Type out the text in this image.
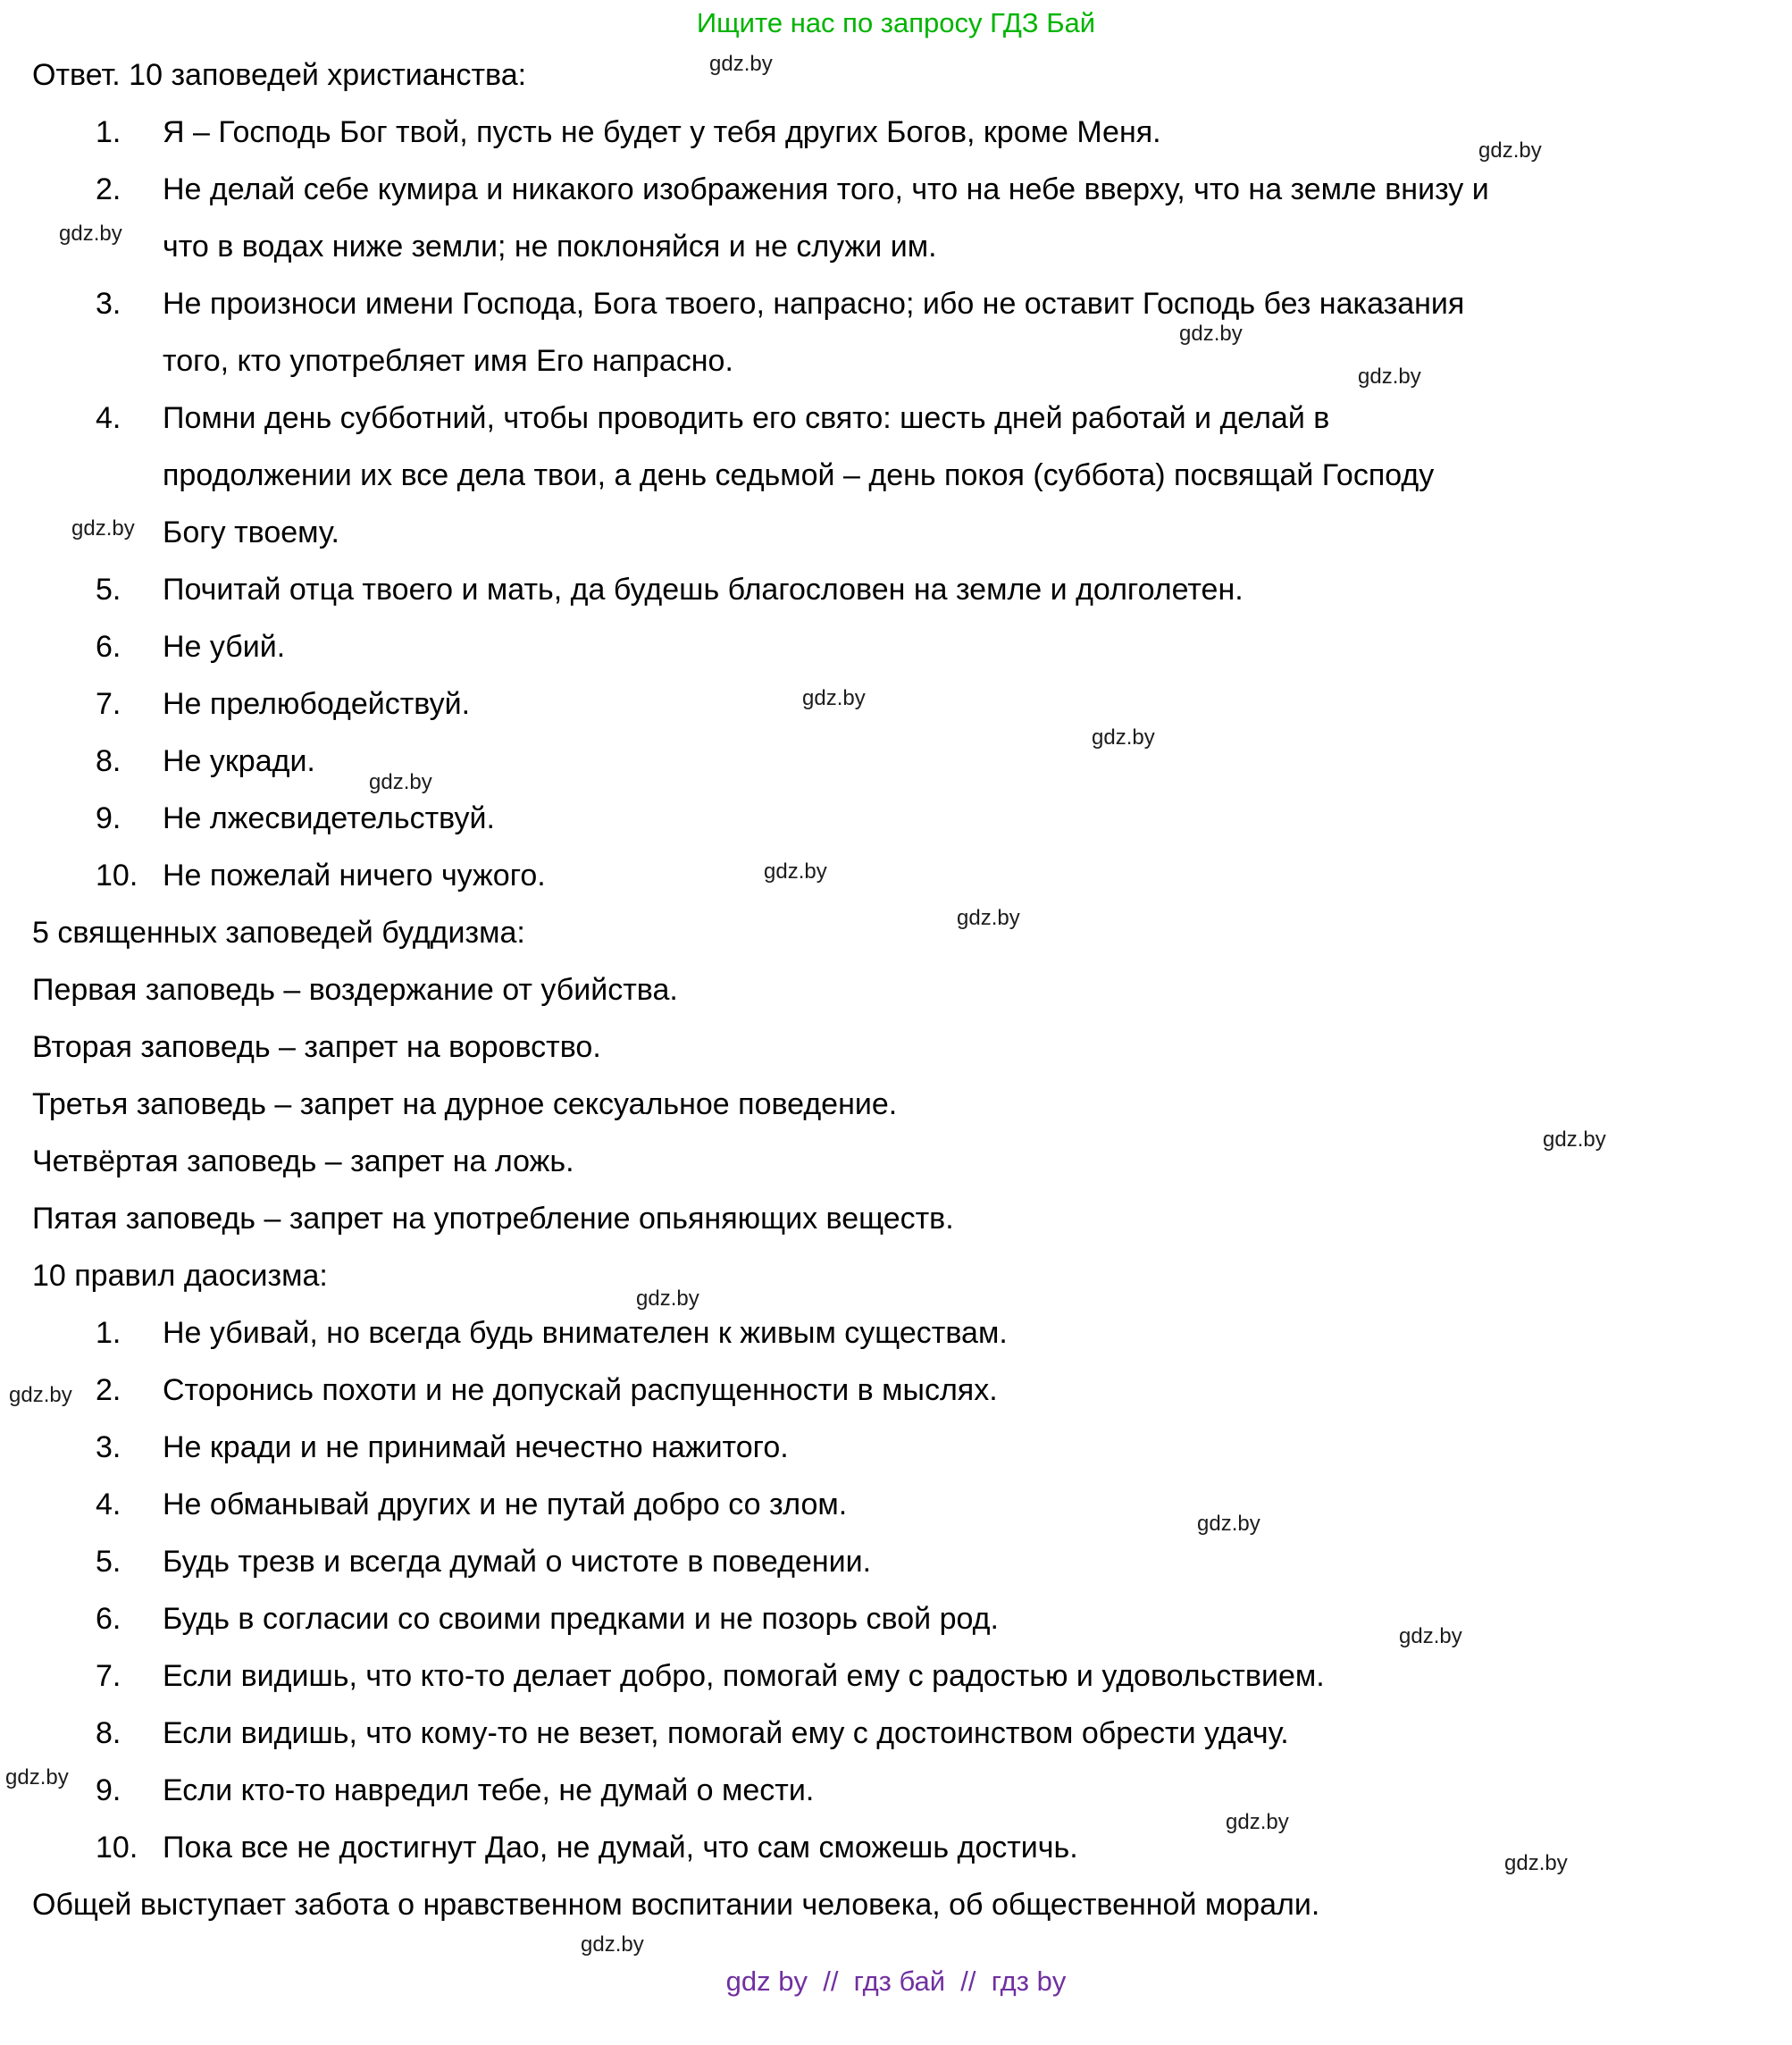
Ищите нас по запросу ГДЗ Бай

Ответ. 10 заповедей христианства:

Я – Господь Бог твой, пусть не будет у тебя других Богов, кроме Меня.
Не делай себе кумира и никакого изображения того, что на небе вверху, что на земле внизу и что в водах ниже земли; не поклоняйся и не служи им.
Не произноси имени Господа, Бога твоего, напрасно; ибо не оставит Господь без наказания того, кто употребляет имя Его напрасно.
Помни день субботний, чтобы проводить его свято: шесть дней работай и делай в продолжении их все дела твои, а день седьмой – день покоя (суббота) посвящай Господу Богу твоему.
Почитай отца твоего и мать, да будешь благословен на земле и долголетен.
Не убий.
Не прелюбодействуй.
Не укради.
Не лжесвидетельствуй.
Не пожелай ничего чужого.

5 священных заповедей буддизма:

Первая заповедь – воздержание от убийства.

Вторая заповедь – запрет на воровство.

Третья заповедь – запрет на дурное сексуальное поведение.

Четвёртая заповедь – запрет на ложь.

Пятая заповедь – запрет на употребление опьяняющих веществ.

10 правил даосизма:

Не убивай, но всегда будь внимателен к живым существам.
Сторонись похоти и не допускай распущенности в мыслях.
Не кради и не принимай нечестно нажитого.
Не обманывай других и не путай добро со злом.
Будь трезв и всегда думай о чистоте в поведении.
Будь в согласии со своими предками и не позорь свой род.
Если видишь, что кто-то делает добро, помогай ему с радостью и удовольствием.
Если видишь, что кому-то не везет, помогай ему с достоинством обрести удачу.
Если кто-то навредил тебе, не думай о мести.
Пока все не достигнут Дао, не думай, что сам сможешь достичь.

Общей выступает забота о нравственном воспитании человека, об общественной морали.

gdz.by
gdz.by
gdz.by
gdz.by
gdz.by
gdz.by
gdz.by
gdz.by
gdz.by
gdz.by
gdz.by
gdz.by
gdz.by
gdz.by
gdz.by
gdz.by
gdz.by
gdz.by
gdz.by
gdz.by
gdz by  //  гдз бай  //  гдз by
